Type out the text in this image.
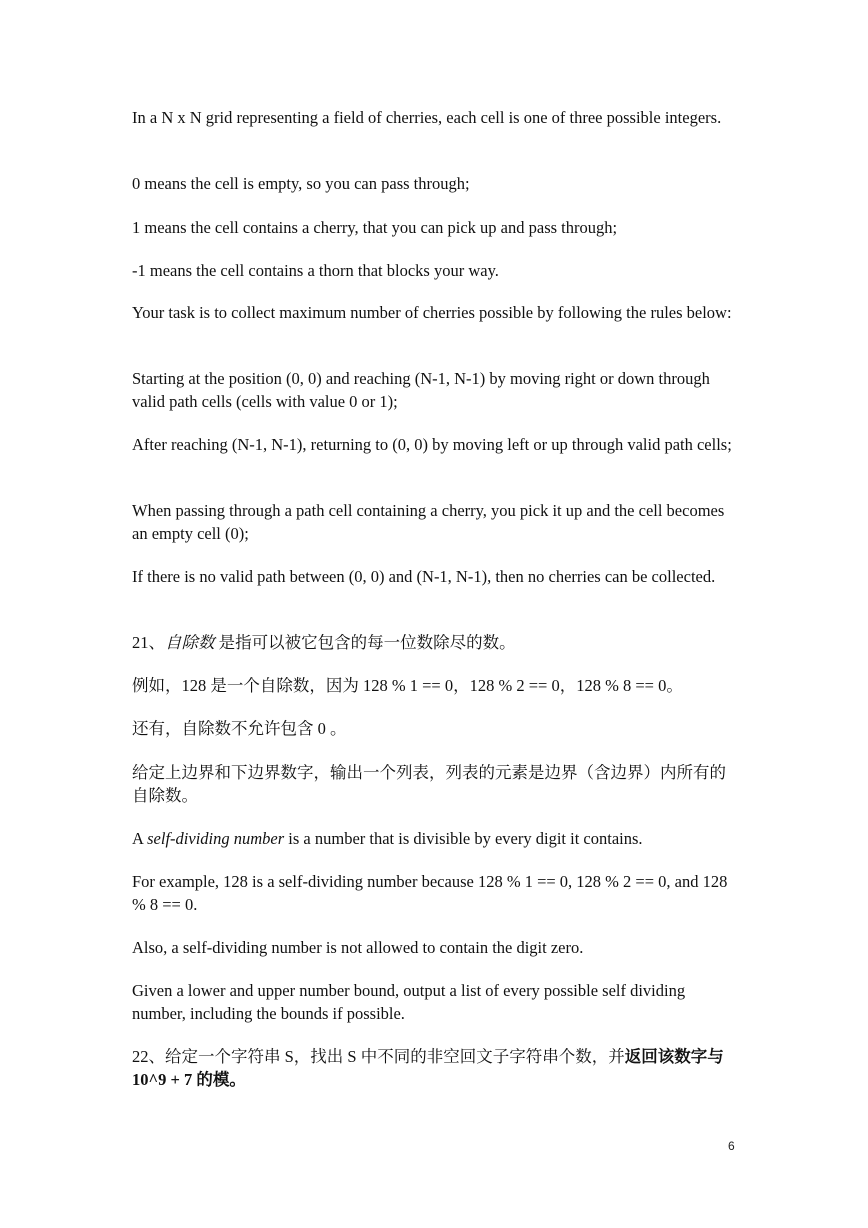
In a N x N grid representing a field of cherries, each cell is one of three possible integers.

0 means the cell is empty, so you can pass through;

1 means the cell contains a cherry, that you can pick up and pass through;

-1 means the cell contains a thorn that blocks your way.

Your task is to collect maximum number of cherries possible by following the rules below:

Starting at the position (0, 0) and reaching (N-1, N-1) by moving right or down through valid path cells (cells with value 0 or 1);

After reaching (N-1, N-1), returning to (0, 0) by moving left or up through valid path cells;

When passing through a path cell containing a cherry, you pick it up and the cell becomes an empty cell (0);

If there is no valid path between (0, 0) and (N-1, N-1), then no cherries can be collected.

21、自除数 是指可以被它包含的每一位数除尽的数。

例如，128 是一个自除数，因为 128 % 1 == 0，128 % 2 == 0，128 % 8 == 0。

还有，自除数不允许包含 0 。

给定上边界和下边界数字，输出一个列表，列表的元素是边界（含边界）内所有的自除数。

A self-dividing number is a number that is divisible by every digit it contains.

For example, 128 is a self-dividing number because 128 % 1 == 0, 128 % 2 == 0, and 128 % 8 == 0.

Also, a self-dividing number is not allowed to contain the digit zero.

Given a lower and upper number bound, output a list of every possible self dividing number, including the bounds if possible.

22、给定一个字符串 S，找出 S 中不同的非空回文子字符串个数，并返回该数字与 10^9 + 7 的模。

6
